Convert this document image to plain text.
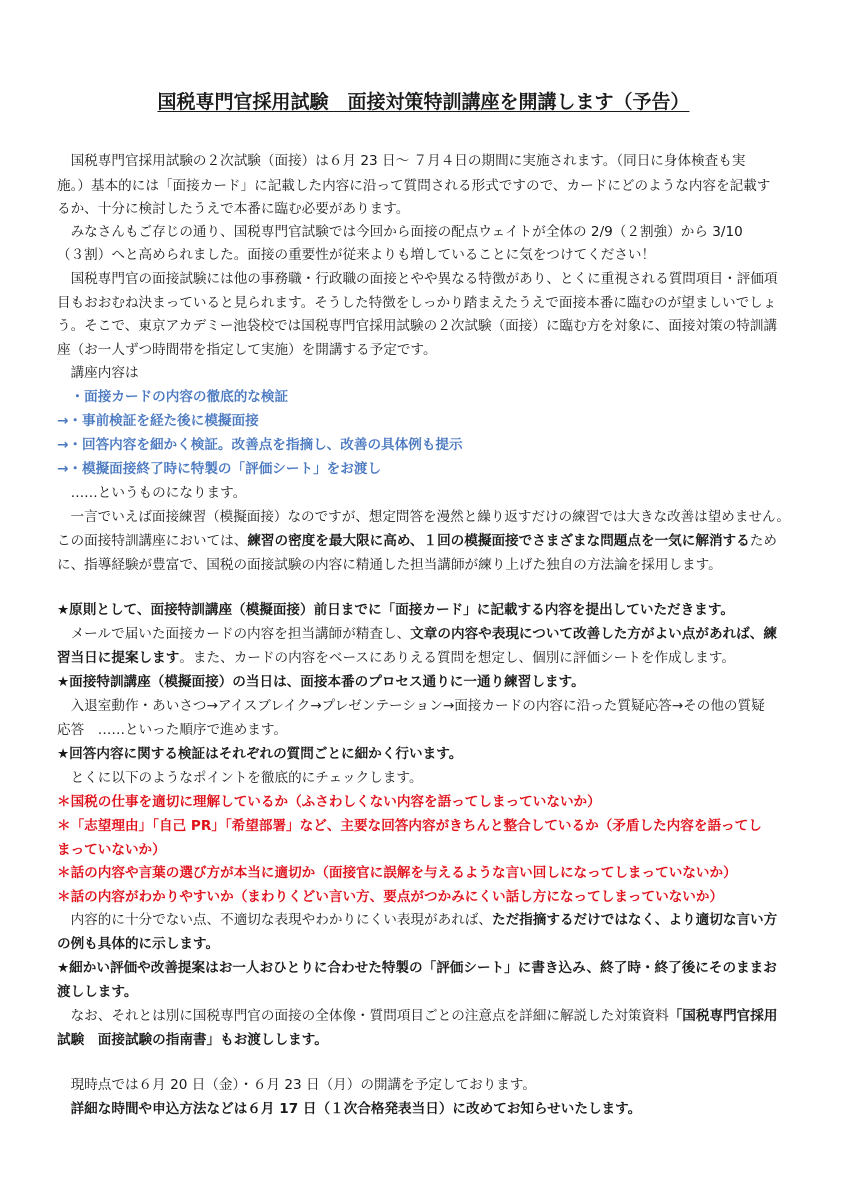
国税専門官採用試験　面接対策特訓講座を開講します（予告）
　国税専門官採用試験の２次試験（面接）は６月 23 日～ ７月４日の期間に実施されます。（同日に身体検査も実
施。）基本的には「面接カード」に記載した内容に沿って質問される形式ですので、カードにどのような内容を記載す
るか、十分に検討したうえで本番に臨む必要があります。
　みなさんもご存じの通り、国税専門官試験では今回から面接の配点ウェイトが全体の 2/9（２割強）から 3/10
（３割）へと高められました。面接の重要性が従来よりも増していることに気をつけてください！
　国税専門官の面接試験には他の事務職・行政職の面接とやや異なる特徴があり、とくに重視される質問項目・評価項
目もおおむね決まっていると見られます。そうした特徴をしっかり踏まえたうえで面接本番に臨むのが望ましいでしょ
う。そこで、東京アカデミー池袋校では国税専門官採用試験の２次試験（面接）に臨む方を対象に、面接対策の特訓講
座（お一人ずつ時間帯を指定して実施）を開講する予定です。
　講座内容は
　・面接カードの内容の徹底的な検証
→・事前検証を経た後に模擬面接
→・回答内容を細かく検証。改善点を指摘し、改善の具体例も提示
→・模擬面接終了時に特製の「評価シート」をお渡し
　……というものになります。
　一言でいえば面接練習（模擬面接）なのですが、想定問答を漫然と繰り返すだけの練習では大きな改善は望めません。
この面接特訓講座においては、練習の密度を最大限に高め、１回の模擬面接でさまざまな問題点を一気に解消するため
に、指導経験が豊富で、国税の面接試験の内容に精通した担当講師が練り上げた独自の方法論を採用します。
★原則として、面接特訓講座（模擬面接）前日までに「面接カード」に記載する内容を提出していただきます。
　メールで届いた面接カードの内容を担当講師が精査し、文章の内容や表現について改善した方がよい点があれば、練
習当日に提案します。また、カードの内容をベースにありえる質問を想定し、個別に評価シートを作成します。
★面接特訓講座（模擬面接）の当日は、面接本番のプロセス通りに一通り練習します。
　入退室動作・あいさつ→アイスブレイク→プレゼンテーション→面接カードの内容に沿った質疑応答→その他の質疑
応答　……といった順序で進めます。
★回答内容に関する検証はそれぞれの質問ごとに細かく行います。
　とくに以下のようなポイントを徹底的にチェックします。
＊国税の仕事を適切に理解しているか（ふさわしくない内容を語ってしまっていないか）
＊「志望理由」「自己 PR」「希望部署」など、主要な回答内容がきちんと整合しているか（矛盾した内容を語ってし
まっていないか）
＊話の内容や言葉の選び方が本当に適切か（面接官に誤解を与えるような言い回しになってしまっていないか）
＊話の内容がわかりやすいか（まわりくどい言い方、要点がつかみにくい話し方になってしまっていないか）
　内容的に十分でない点、不適切な表現やわかりにくい表現があれば、ただ指摘するだけではなく、より適切な言い方
の例も具体的に示します。
★細かい評価や改善提案はお一人おひとりに合わせた特製の「評価シート」に書き込み、終了時・終了後にそのままお
渡しします。
　なお、それとは別に国税専門官の面接の全体像・質問項目ごとの注意点を詳細に解説した対策資料「国税専門官採用
試験　面接試験の指南書」もお渡しします。
　現時点では６月 20 日（金）・６月 23 日（月）の開講を予定しております。
　詳細な時間や申込方法などは６月 17 日（１次合格発表当日）に改めてお知らせいたします。
